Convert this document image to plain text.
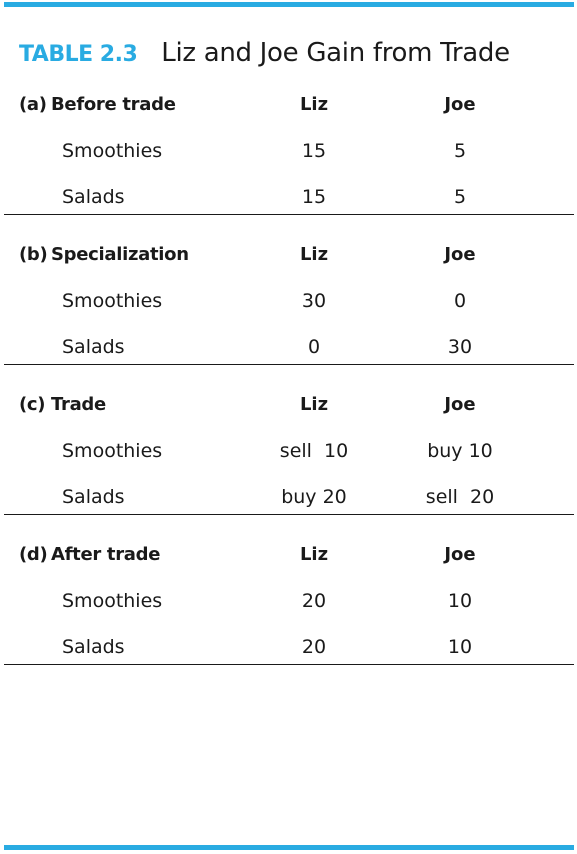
TABLE 2.3 Liz and Joe Gain from Trade
(a) Before trade	Liz	Joe
Smoothies	15	5
Salads	15	5
(b) Specialization	Liz	Joe
Smoothies	30	0
Salads	0	30
(c) Trade	Liz	Joe
Smoothies	sell  10	buy 10
Salads	buy 20	sell  20
(d) After trade	Liz	Joe
Smoothies	20	10
Salads	20	10
